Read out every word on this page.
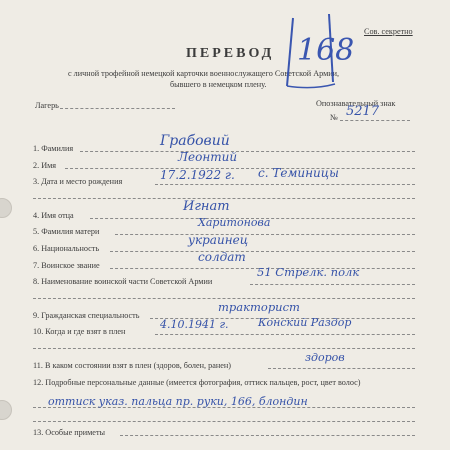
Сов. секретно
ПЕРЕВОД
с личной трофейной немецкой карточки военнослужащего Советской Армии,
бывшего в немецком плену.
168
Лагерь	Опознавательный знак
№ 5217
1. Фамилия	Грабовий
2. Имя
Леонтий
3. Дата и место рождения	17.2.1922 г. с. Теминицы
4. Имя отца
Игнат
5. Фамилия матери
Харитонова
6. Национальность
украинец
7. Воинское звание
солдат
8. Наименование воинской части Советской Армии
51 Стрелк. полк
9. Гражданская специальность
тракторист
10. Когда и где взят в плен
4.10.1941 г.	Конский Раздор
11. В каком состоянии взят в плен (здоров, болен, ранен)
здоров
12. Подробные персональные данные (имеется фотография, оттиск пальцев, рост, цвет волос)
оттиск указ. пальца пр. руки, 166, блондин
13. Особые приметы
